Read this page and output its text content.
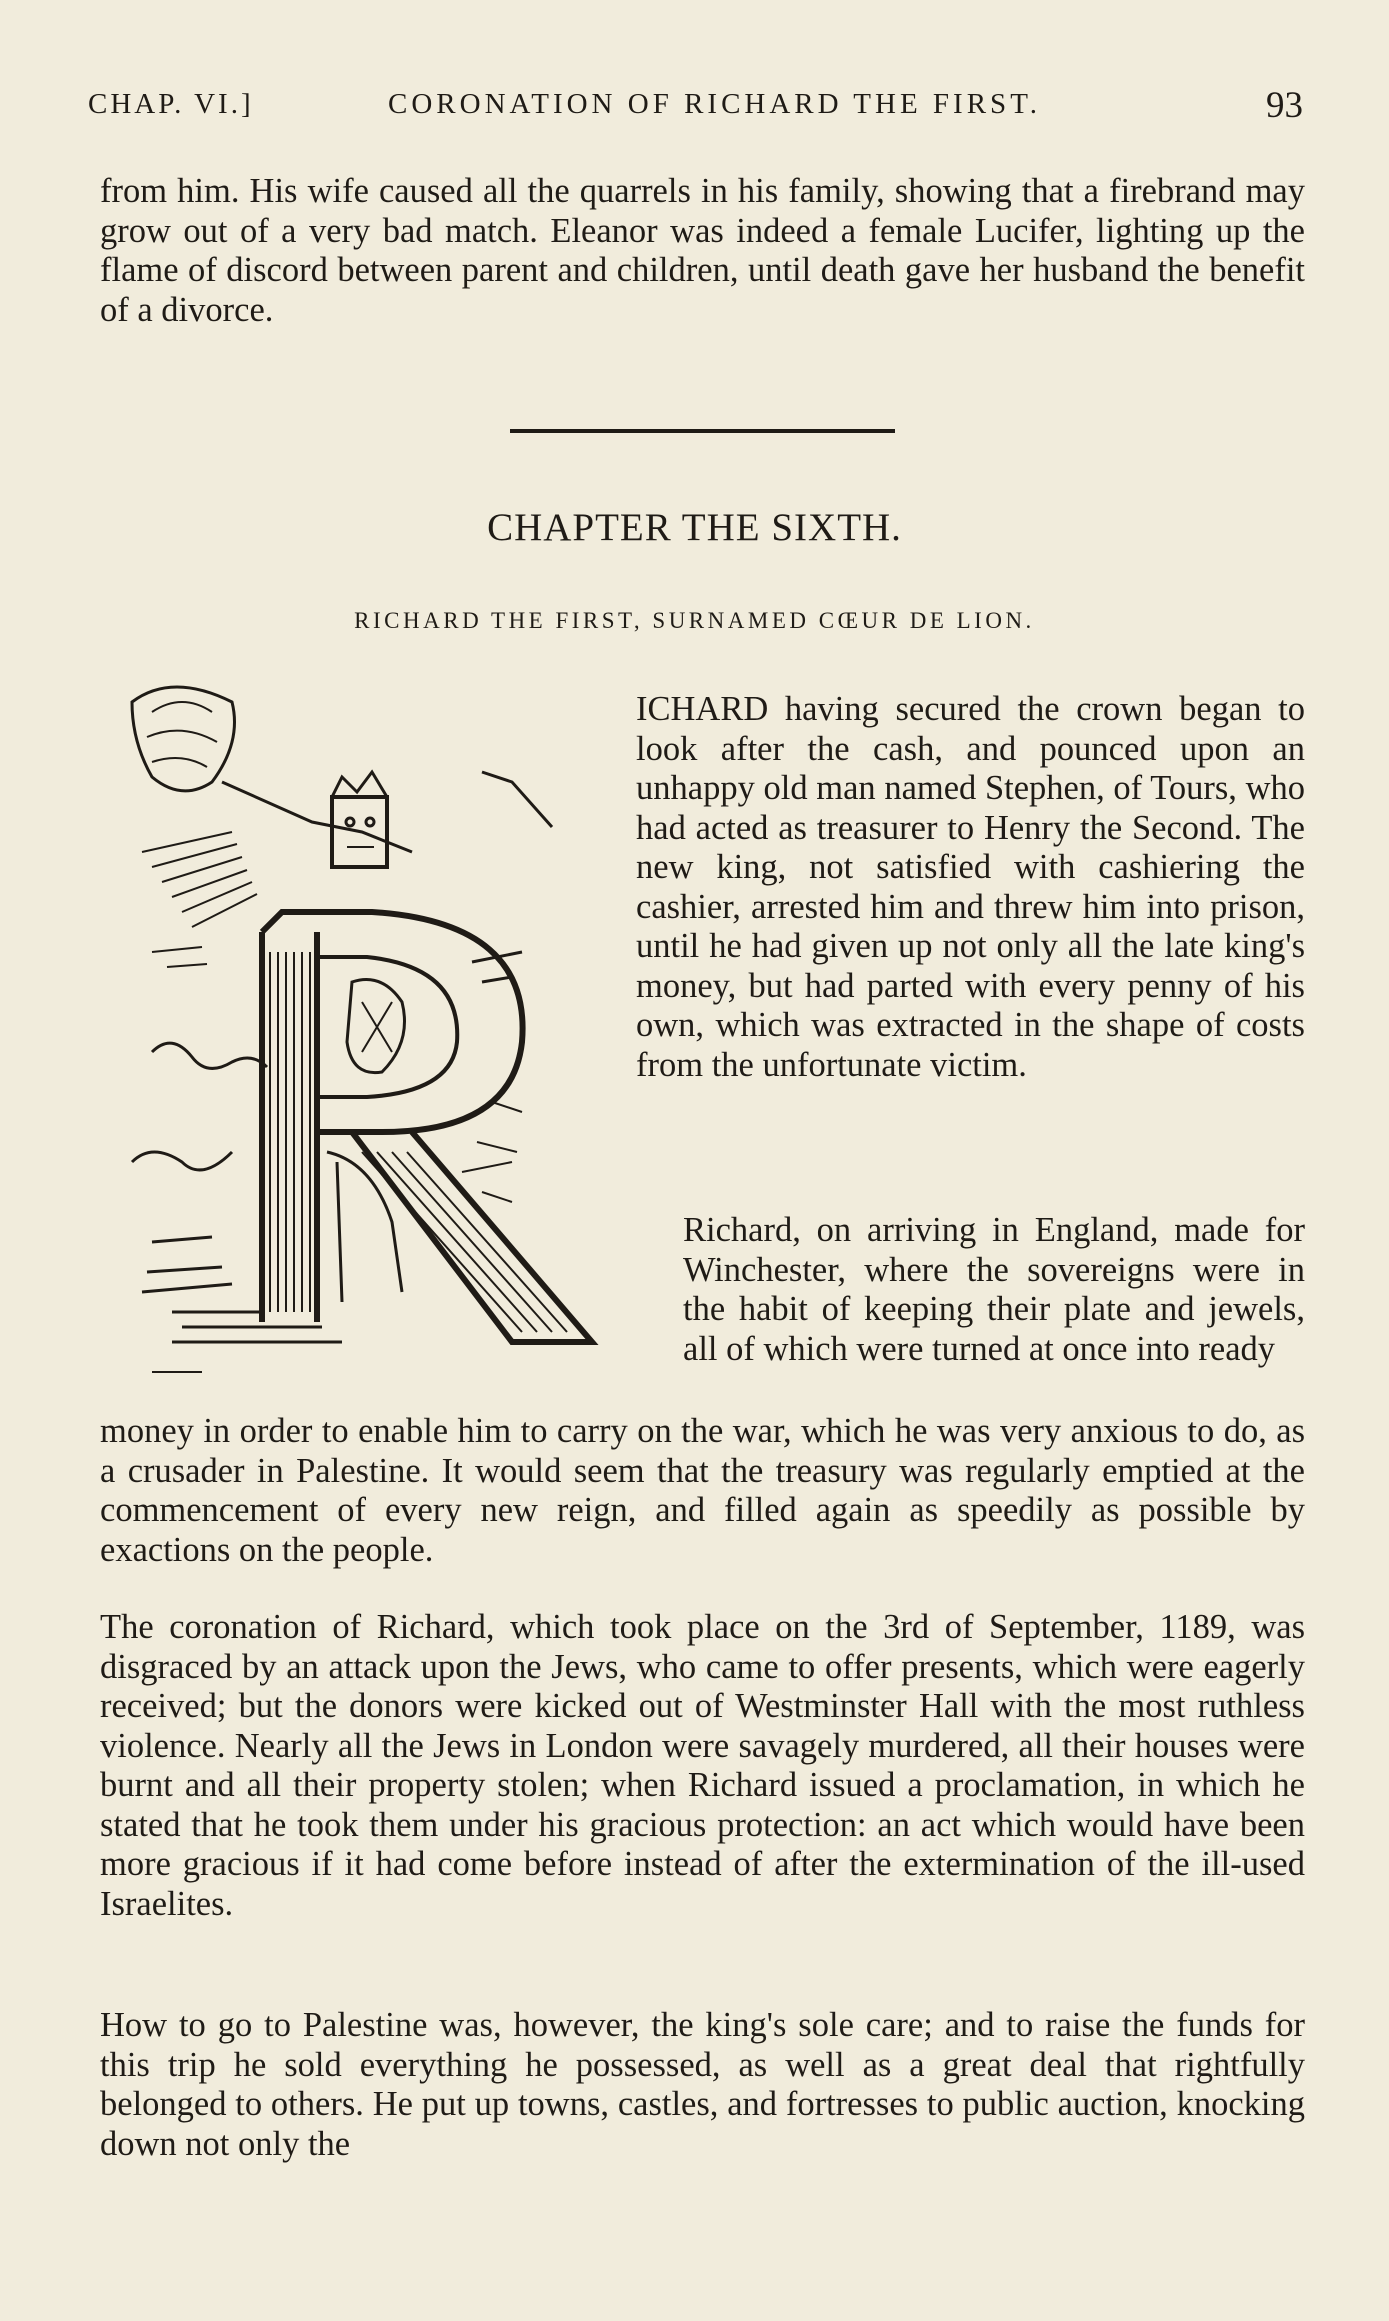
CHAP. VI.]	CORONATION OF RICHARD THE FIRST.	93

from him. His wife caused all the quarrels in his family, showing that a firebrand may grow out of a very bad match. Eleanor was indeed a female Lucifer, lighting up the flame of discord between parent and children, until death gave her husband the benefit of a divorce.

CHAPTER THE SIXTH.
RICHARD THE FIRST, SURNAMED CŒUR DE LION.

ICHARD having secured the crown began to look after the cash, and pounced upon an unhappy old man named Stephen, of Tours, who had acted as treasurer to Henry the Second. The new king, not satisfied with cashiering the cashier, arrested him and threw him into prison, until he had given up not only all the late king's money, but had parted with every penny of his own, which was extracted in the shape of costs from the unfortunate victim.

Richard, on arriving in England, made for Winchester, where the sovereigns were in the habit of keeping their plate and jewels, all of which were turned at once into ready

money in order to enable him to carry on the war, which he was very anxious to do, as a crusader in Palestine. It would seem that the treasury was regularly emptied at the commencement of every new reign, and filled again as speedily as possible by exactions on the people.

The coronation of Richard, which took place on the 3rd of September, 1189, was disgraced by an attack upon the Jews, who came to offer presents, which were eagerly received; but the donors were kicked out of Westminster Hall with the most ruthless violence. Nearly all the Jews in London were savagely murdered, all their houses were burnt and all their property stolen; when Richard issued a proclamation, in which he stated that he took them under his gracious protection: an act which would have been more gracious if it had come before instead of after the extermination of the ill-used Israelites.

How to go to Palestine was, however, the king's sole care; and to raise the funds for this trip he sold everything he possessed, as well as a great deal that rightfully belonged to others. He put up towns, castles, and fortresses to public auction, knocking down not only the
